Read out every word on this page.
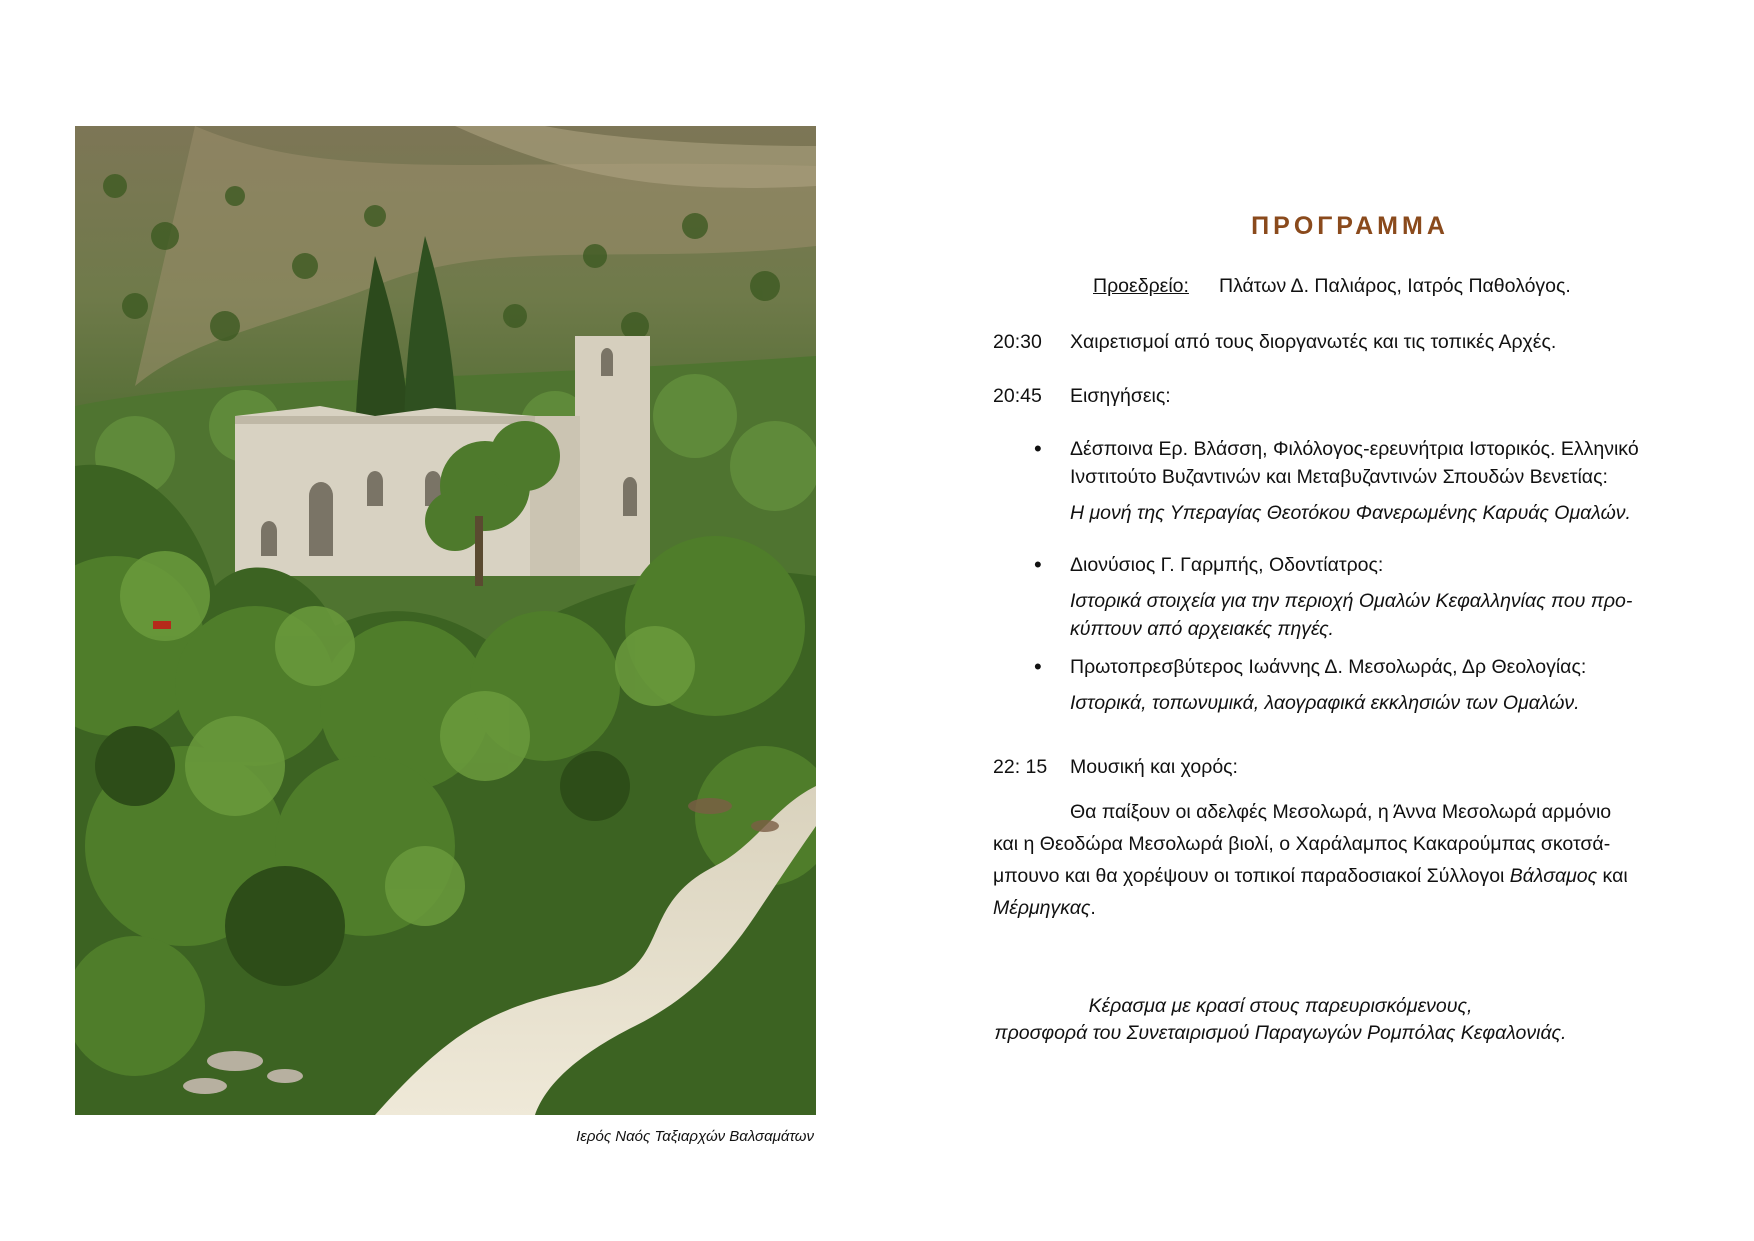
Ιερός Ναός Ταξιαρχών Βαλσαμάτων
ΠΡΟΓΡΑΜΜΑ
Προεδρείο: Πλάτων Δ. Παλιάρος, Ιατρός Παθολόγος.
20:30 Χαιρετισμοί από τους διοργανωτές και τις τοπικές Αρχές.
20:45 Εισηγήσεις:
• Δέσποινα Ερ. Βλάσση, Φιλόλογος-ερευνήτρια Ιστορικός. Ελληνικό
Ινστιτούτο Βυζαντινών και Μεταβυζαντινών Σπουδών Βενετίας:
Η μονή της Υπεραγίας Θεοτόκου Φανερωμένης Καρυάς Ομαλών.
• Διονύσιος Γ. Γαρμπής, Οδοντίατρος:
Ιστορικά στοιχεία για την περιοχή Ομαλών Κεφαλληνίας που προ-
κύπτουν από αρχειακές πηγές.
• Πρωτοπρεσβύτερος Ιωάννης Δ. Μεσολωράς, Δρ Θεολογίας:
Ιστορικά, τοπωνυμικά, λαογραφικά εκκλησιών των Ομαλών.
22: 15 Μουσική και χορός:
Θα παίξουν οι αδελφές Μεσολωρά, η Άννα Μεσολωρά αρμόνιο
και η Θεοδώρα Μεσολωρά βιολί, ο Χαράλαμπος Κακαρούμπας σκοτσά-
μπουνο και θα χορέψουν οι τοπικοί παραδοσιακοί Σύλλογοι Βάλσαμος και
Μέρμηγκας.
Κέρασμα με κρασί στους παρευρισκόμενους,
προσφορά του Συνεταιρισμού Παραγωγών Ρομπόλας Κεφαλονιάς.
